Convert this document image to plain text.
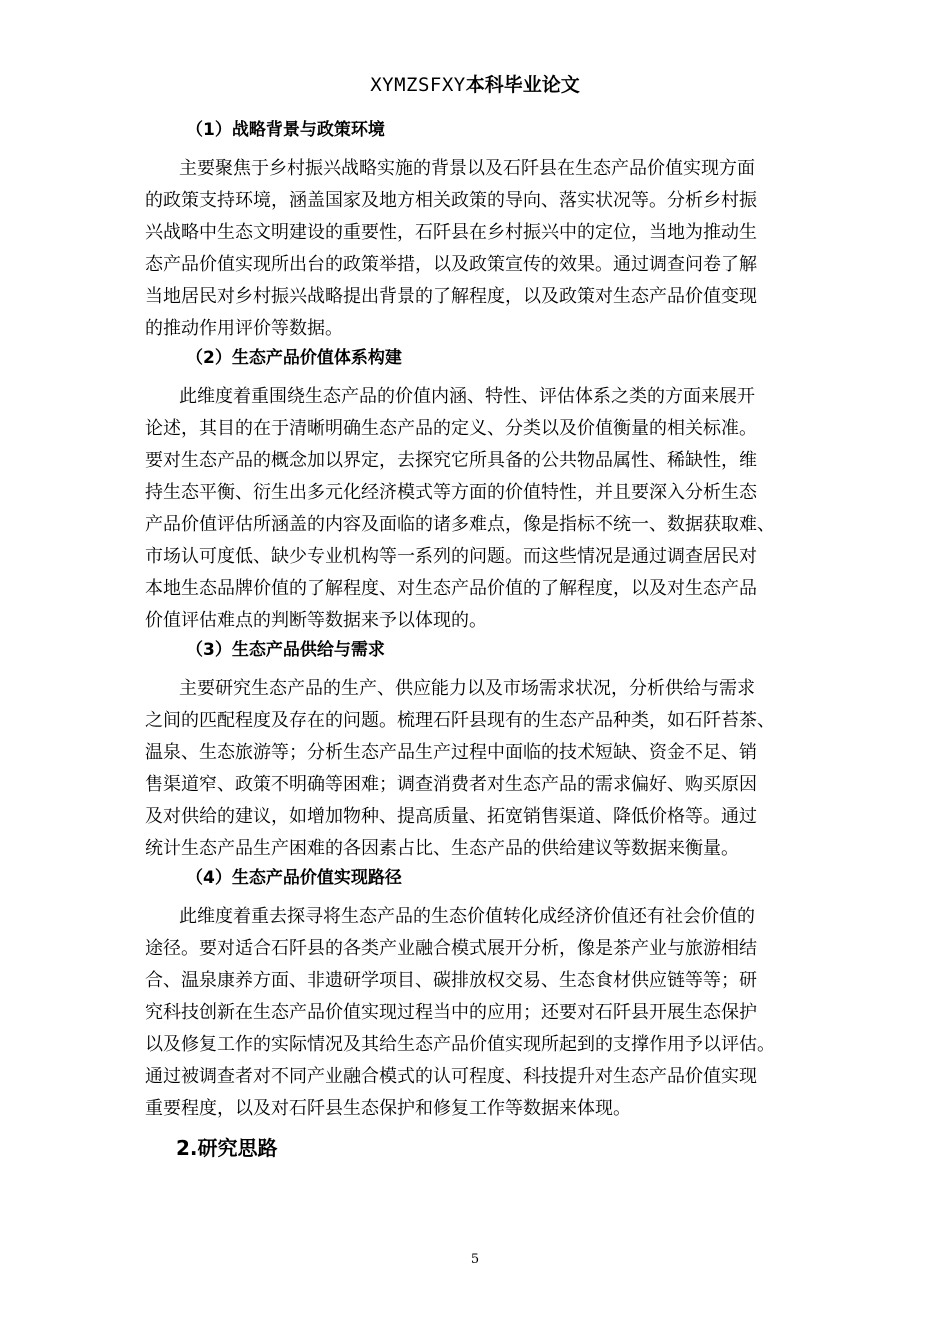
XYMZSFXY本科毕业论文
（1）战略背景与政策环境
主要聚焦于乡村振兴战略实施的背景以及石阡县在生态产品价值实现方面
的政策支持环境，涵盖国家及地方相关政策的导向、落实状况等。分析乡村振
兴战略中生态文明建设的重要性，石阡县在乡村振兴中的定位，当地为推动生
态产品价值实现所出台的政策举措，以及政策宣传的效果。通过调查问卷了解
当地居民对乡村振兴战略提出背景的了解程度，以及政策对生态产品价值变现
的推动作用评价等数据。
（2）生态产品价值体系构建
此维度着重围绕生态产品的价值内涵、特性、评估体系之类的方面来展开
论述，其目的在于清晰明确生态产品的定义、分类以及价值衡量的相关标准。
要对生态产品的概念加以界定，去探究它所具备的公共物品属性、稀缺性，维
持生态平衡、衍生出多元化经济模式等方面的价值特性，并且要深入分析生态
产品价值评估所涵盖的内容及面临的诸多难点，像是指标不统一、数据获取难、
市场认可度低、缺少专业机构等一系列的问题。而这些情况是通过调查居民对
本地生态品牌价值的了解程度、对生态产品价值的了解程度，以及对生态产品
价值评估难点的判断等数据来予以体现的。
（3）生态产品供给与需求
主要研究生态产品的生产、供应能力以及市场需求状况，分析供给与需求
之间的匹配程度及存在的问题。梳理石阡县现有的生态产品种类，如石阡苔茶、
温泉、生态旅游等；分析生态产品生产过程中面临的技术短缺、资金不足、销
售渠道窄、政策不明确等困难；调查消费者对生态产品的需求偏好、购买原因
及对供给的建议，如增加物种、提高质量、拓宽销售渠道、降低价格等。通过
统计生态产品生产困难的各因素占比、生态产品的供给建议等数据来衡量。
（4）生态产品价值实现路径
此维度着重去探寻将生态产品的生态价值转化成经济价值还有社会价值的
途径。要对适合石阡县的各类产业融合模式展开分析，像是茶产业与旅游相结
合、温泉康养方面、非遗研学项目、碳排放权交易、生态食材供应链等等；研
究科技创新在生态产品价值实现过程当中的应用；还要对石阡县开展生态保护
以及修复工作的实际情况及其给生态产品价值实现所起到的支撑作用予以评估。
通过被调查者对不同产业融合模式的认可程度、科技提升对生态产品价值实现
重要程度，以及对石阡县生态保护和修复工作等数据来体现。
2.研究思路
5
